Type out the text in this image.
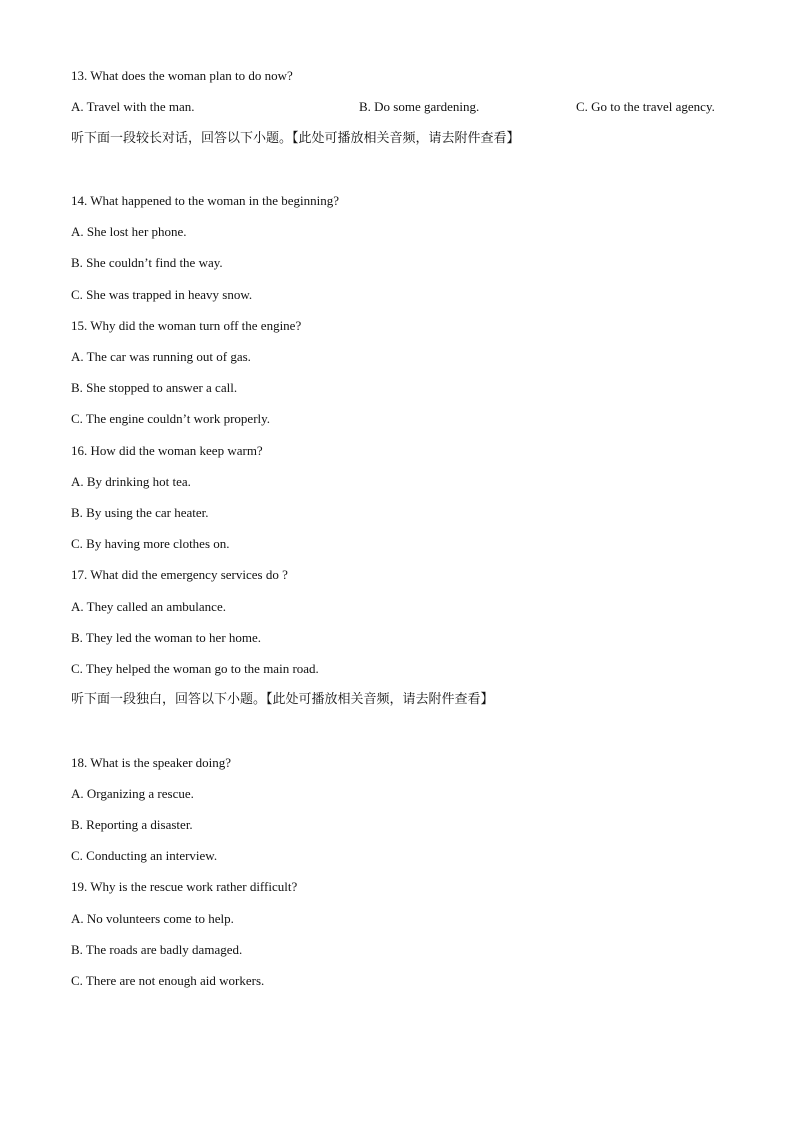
13. What does the woman plan to do now?
A. Travel with the man.	B. Do some gardening.	C. Go to the travel agency.
听下面一段较长对话，回答以下小题。【此处可播放相关音频，请去附件查看】
14. What happened to the woman in the beginning?
A. She lost her phone.
B. She couldn’t find the way.
C. She was trapped in heavy snow.
15. Why did the woman turn off the engine?
A. The car was running out of gas.
B. She stopped to answer a call.
C. The engine couldn’t work properly.
16. How did the woman keep warm?
A. By drinking hot tea.
B. By using the car heater.
C. By having more clothes on.
17. What did the emergency services do ?
A. They called an ambulance.
B. They led the woman to her home.
C. They helped the woman go to the main road.
听下面一段独白，回答以下小题。【此处可播放相关音频，请去附件查看】
18. What is the speaker doing?
A. Organizing a rescue.
B. Reporting a disaster.
C. Conducting an interview.
19. Why is the rescue work rather difficult?
A. No volunteers come to help.
B. The roads are badly damaged.
C. There are not enough aid workers.
